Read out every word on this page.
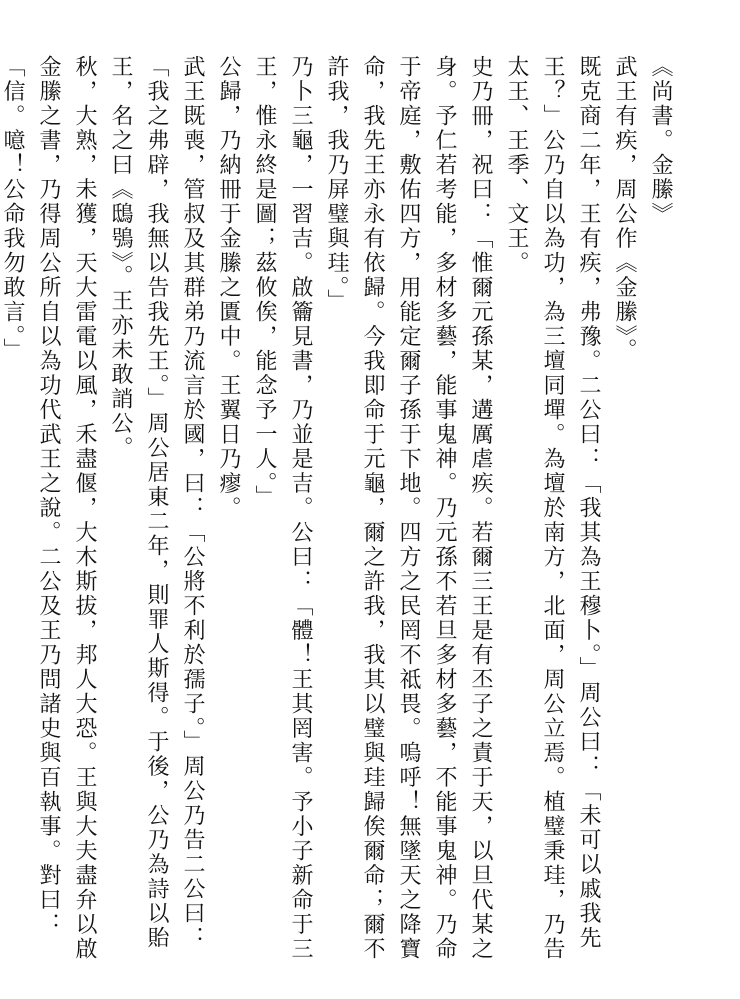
《尚書。金縢》

武王有疾，周公作《金縢》。

既克商二年，王有疾，弗豫。二公曰：「我其為王穆卜。」周公曰：「未可以戚我先王？」公乃自以為功，為三壇同墠。為壇於南方，北面，周公立焉。植璧秉珪，乃告太王、王季、文王。

史乃冊，祝曰：「惟爾元孫某，遘厲虐疾。若爾三王是有丕子之責于天，以旦代某之身。予仁若考能，多材多藝，能事鬼神。乃元孫不若旦多材多藝，不能事鬼神。乃命于帝庭，敷佑四方，用能定爾子孫于下地。四方之民罔不祗畏。嗚呼！無墜天之降寶命，我先王亦永有依歸。今我即命于元龜，爾之許我，我其以璧與珪歸俟爾命；爾不許我，我乃屏璧與珪。」

乃卜三龜，一習吉。啟籥見書，乃並是吉。公曰：「體！王其罔害。予小子新命于三王，惟永終是圖；茲攸俟，能念予一人。」

公歸，乃納冊于金縢之匱中。王翼日乃瘳。

武王既喪，管叔及其群弟乃流言於國，曰：「公將不利於孺子。」周公乃告二公曰：「我之弗辟，我無以告我先王。」周公居東二年，則罪人斯得。于後，公乃為詩以貽王，名之曰《鴟鴞》。王亦未敢誚公。

秋，大熟，未獲，天大雷電以風，禾盡偃，大木斯拔，邦人大恐。王與大夫盡弁以啟金縢之書，乃得周公所自以為功代武王之說。二公及王乃問諸史與百執事。對曰：「信。噫！公命我勿敢言。」
